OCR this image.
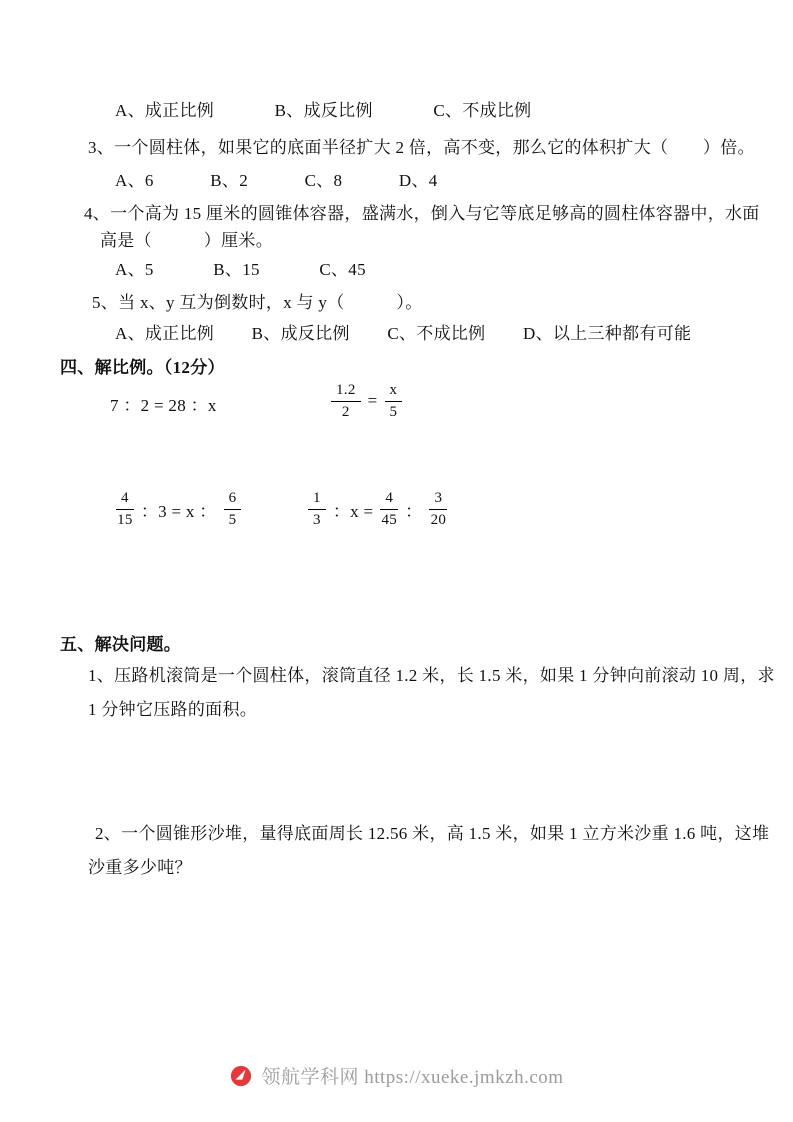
A、成正比例	B、成反比例	C、不成比例
3、一个圆柱体，如果它的底面半径扩大 2 倍，高不变，那么它的体积扩大（　　）倍。
A、6	B、2	C、8	D、4
4、一个高为 15 厘米的圆锥体容器，盛满水，倒入与它等底足够高的圆柱体容器中，水面
高是（　　　）厘米。
A、5	B、15	C、45
5、当 x、y 互为倒数时，x 与 y（　　　）。
A、成正比例 B、成反比例 C、不成比例 D、以上三种都有可能
四、解比例。（12分）
7 ：2 = 28 ：x	$\frac{1.2}{2} = \frac{x}{5}$
$\frac{4}{15}$ ：3 = x ： $\frac{6}{5}$	$\frac{1}{3}$ ：$x = \frac{4}{45}$ ： $\frac{3}{20}$
五、解决问题。
1、压路机滚筒是一个圆柱体，滚筒直径 1.2 米，长 1.5 米，如果 1 分钟向前滚动 10 周，求
1 分钟它压路的面积。
2、一个圆锥形沙堆，量得底面周长 12.56 米，高 1.5 米，如果 1 立方米沙重 1.6 吨，这堆
沙重多少吨？
领航学科网 https://xueke.jmkzh.com
